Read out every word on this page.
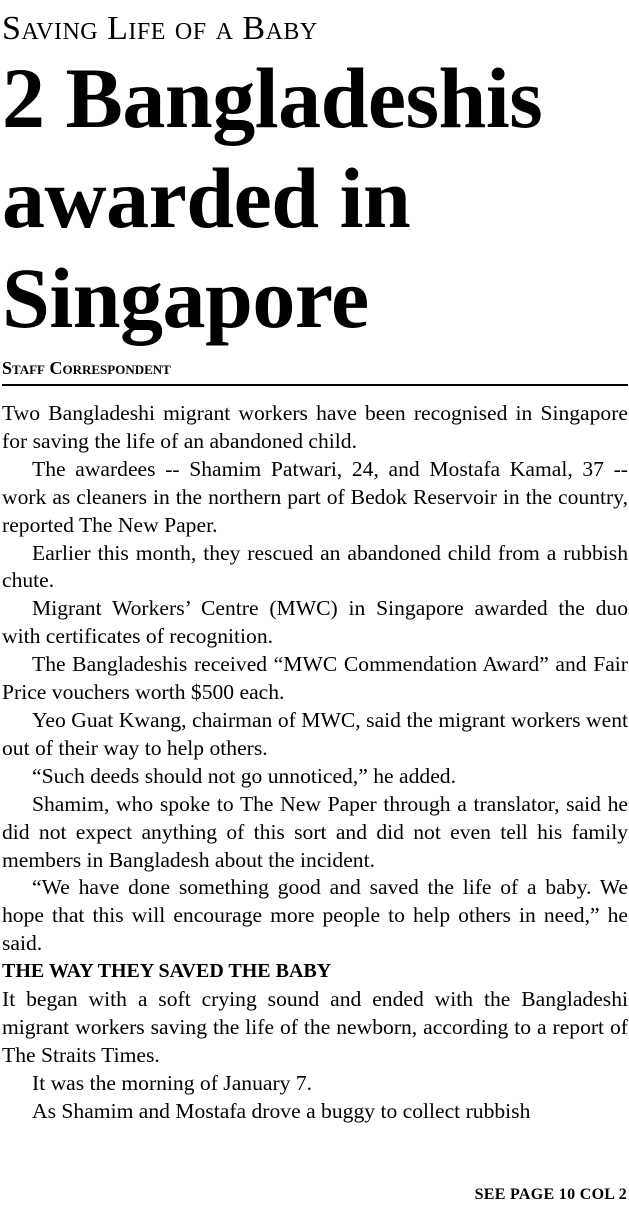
Saving Life of a Baby
2 Bangladeshis awarded in Singapore
Staff Correspondent

Two Bangladeshi migrant workers have been recognised in Singapore for saving the life of an abandoned child.

The awardees -- Shamim Patwari, 24, and Mostafa Kamal, 37 -- work as cleaners in the northern part of Bedok Reservoir in the country, reported The New Paper.

Earlier this month, they rescued an abandoned child from a rubbish chute.

Migrant Workers’ Centre (MWC) in Singapore awarded the duo with certificates of recognition.

The Bangladeshis received “MWC Commendation Award” and Fair Price vouchers worth $500 each.

Yeo Guat Kwang, chairman of MWC, said the migrant workers went out of their way to help others.

“Such deeds should not go unnoticed,” he added.

Shamim, who spoke to The New Paper through a translator, said he did not expect anything of this sort and did not even tell his family members in Bangladesh about the incident.

“We have done something good and saved the life of a baby. We hope that this will encourage more people to help others in need,” he said.

THE WAY THEY SAVED THE BABY

It began with a soft crying sound and ended with the Bangladeshi migrant workers saving the life of the newborn, according to a report of The Straits Times.

It was the morning of January 7.

As Shamim and Mostafa drove a buggy to collect rubbish

SEE PAGE 10 COL 2
